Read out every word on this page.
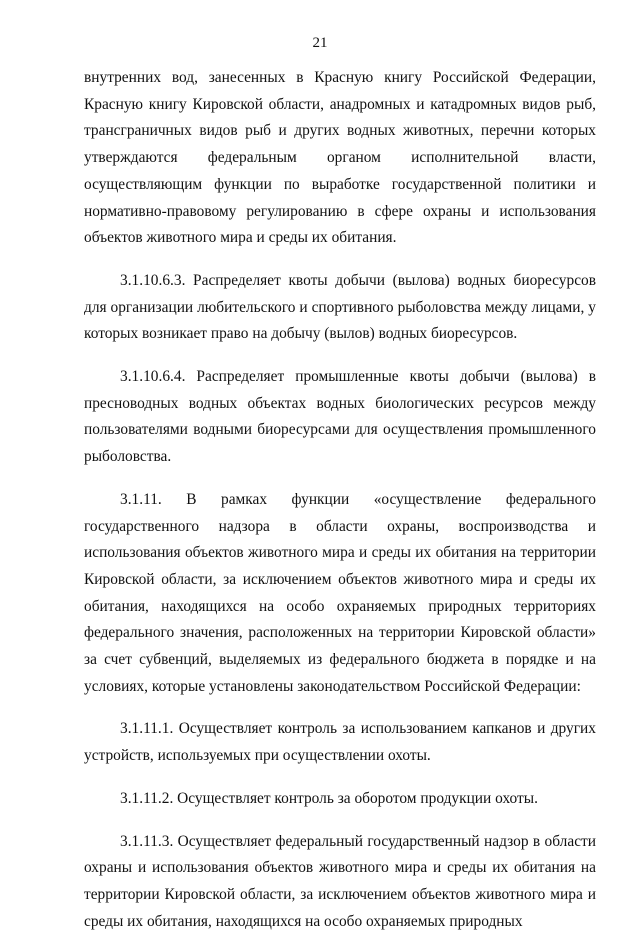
21

внутренних вод, занесенных в Красную книгу Российской Федерации, Красную книгу Кировской области, анадромных и катадромных видов рыб, трансграничных видов рыб и других водных животных, перечни которых утверждаются федеральным органом исполнительной власти, осуществляющим функции по выработке государственной политики и нормативно-правовому регулированию в сфере охраны и использования объектов животного мира и среды их обитания.

3.1.10.6.3. Распределяет квоты добычи (вылова) водных биоресурсов для организации любительского и спортивного рыболовства между лицами, у которых возникает право на добычу (вылов) водных биоресурсов.

3.1.10.6.4. Распределяет промышленные квоты добычи (вылова) в пресноводных водных объектах водных биологических ресурсов между пользователями водными биоресурсами для осуществления промышленного рыболовства.

3.1.11. В рамках функции «осуществление федерального государственного надзора в области охраны, воспроизводства и использования объектов животного мира и среды их обитания на территории Кировской области, за исключением объектов животного мира и среды их обитания, находящихся на особо охраняемых природных территориях федерального значения, расположенных на территории Кировской области» за счет субвенций, выделяемых из федерального бюджета в порядке и на условиях, которые установлены законодательством Российской Федерации:

3.1.11.1. Осуществляет контроль за использованием капканов и других устройств, используемых при осуществлении охоты.

3.1.11.2. Осуществляет контроль за оборотом продукции охоты.

3.1.11.3. Осуществляет федеральный государственный надзор в области охраны и использования объектов животного мира и среды их обитания на территории Кировской области, за исключением объектов животного мира и среды их обитания, находящихся на особо охраняемых природных
